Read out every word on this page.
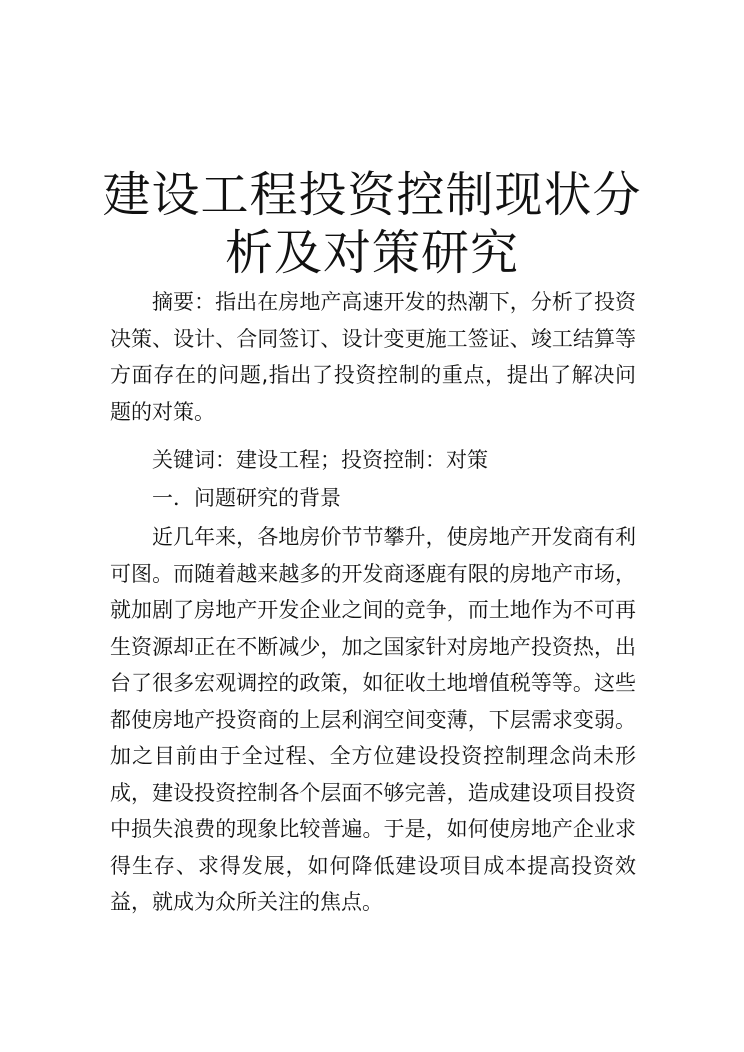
建设工程投资控制现状分析及对策研究

摘要：指出在房地产高速开发的热潮下，分析了投资决策、设计、合同签订、设计变更施工签证、竣工结算等方面存在的问题,指出了投资控制的重点，提出了解决问题的对策。

关键词：建设工程；投资控制：对策

一．问题研究的背景

近几年来，各地房价节节攀升，使房地产开发商有利可图。而随着越来越多的开发商逐鹿有限的房地产市场，就加剧了房地产开发企业之间的竞争，而土地作为不可再生资源却正在不断减少，加之国家针对房地产投资热，出台了很多宏观调控的政策，如征收土地增值税等等。这些都使房地产投资商的上层利润空间变薄，下层需求变弱。加之目前由于全过程、全方位建设投资控制理念尚未形成，建设投资控制各个层面不够完善，造成建设项目投资中损失浪费的现象比较普遍。于是，如何使房地产企业求得生存、求得发展，如何降低建设项目成本提高投资效益，就成为众所关注的焦点。
